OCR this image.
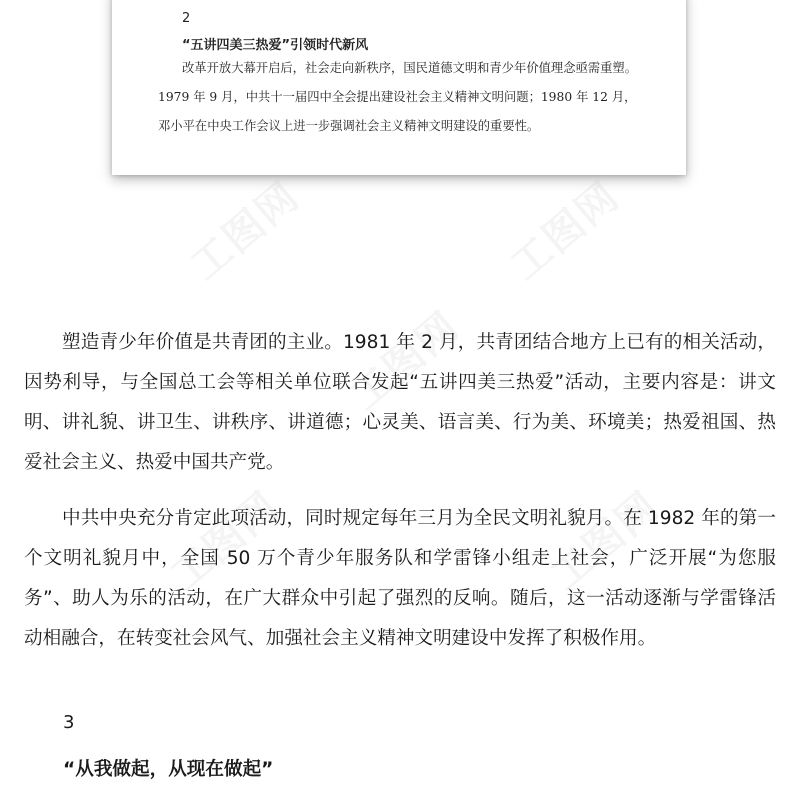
2
“五讲四美三热爱”引领时代新风

改革开放大幕开启后，社会走向新秩序，国民道德文明和青少年价值理念亟需重塑。1979 年 9 月，中共十一届四中全会提出建设社会主义精神文明问题；1980 年 12 月，邓小平在中央工作会议上进一步强调社会主义精神文明建设的重要性。

工图网	工图网
工图网
工图网	工图网

塑造青少年价值是共青团的主业。1981 年 2 月，共青团结合地方上已有的相关活动，因势利导，与全国总工会等相关单位联合发起“五讲四美三热爱”活动，主要内容是：讲文明、讲礼貌、讲卫生、讲秩序、讲道德；心灵美、语言美、行为美、环境美；热爱祖国、热爱社会主义、热爱中国共产党。

中共中央充分肯定此项活动，同时规定每年三月为全民文明礼貌月。在 1982 年的第一个文明礼貌月中，全国 50 万个青少年服务队和学雷锋小组走上社会，广泛开展“为您服务”、助人为乐的活动，在广大群众中引起了强烈的反响。随后，这一活动逐渐与学雷锋活动相融合，在转变社会风气、加强社会主义精神文明建设中发挥了积极作用。

3
“从我做起，从现在做起”
